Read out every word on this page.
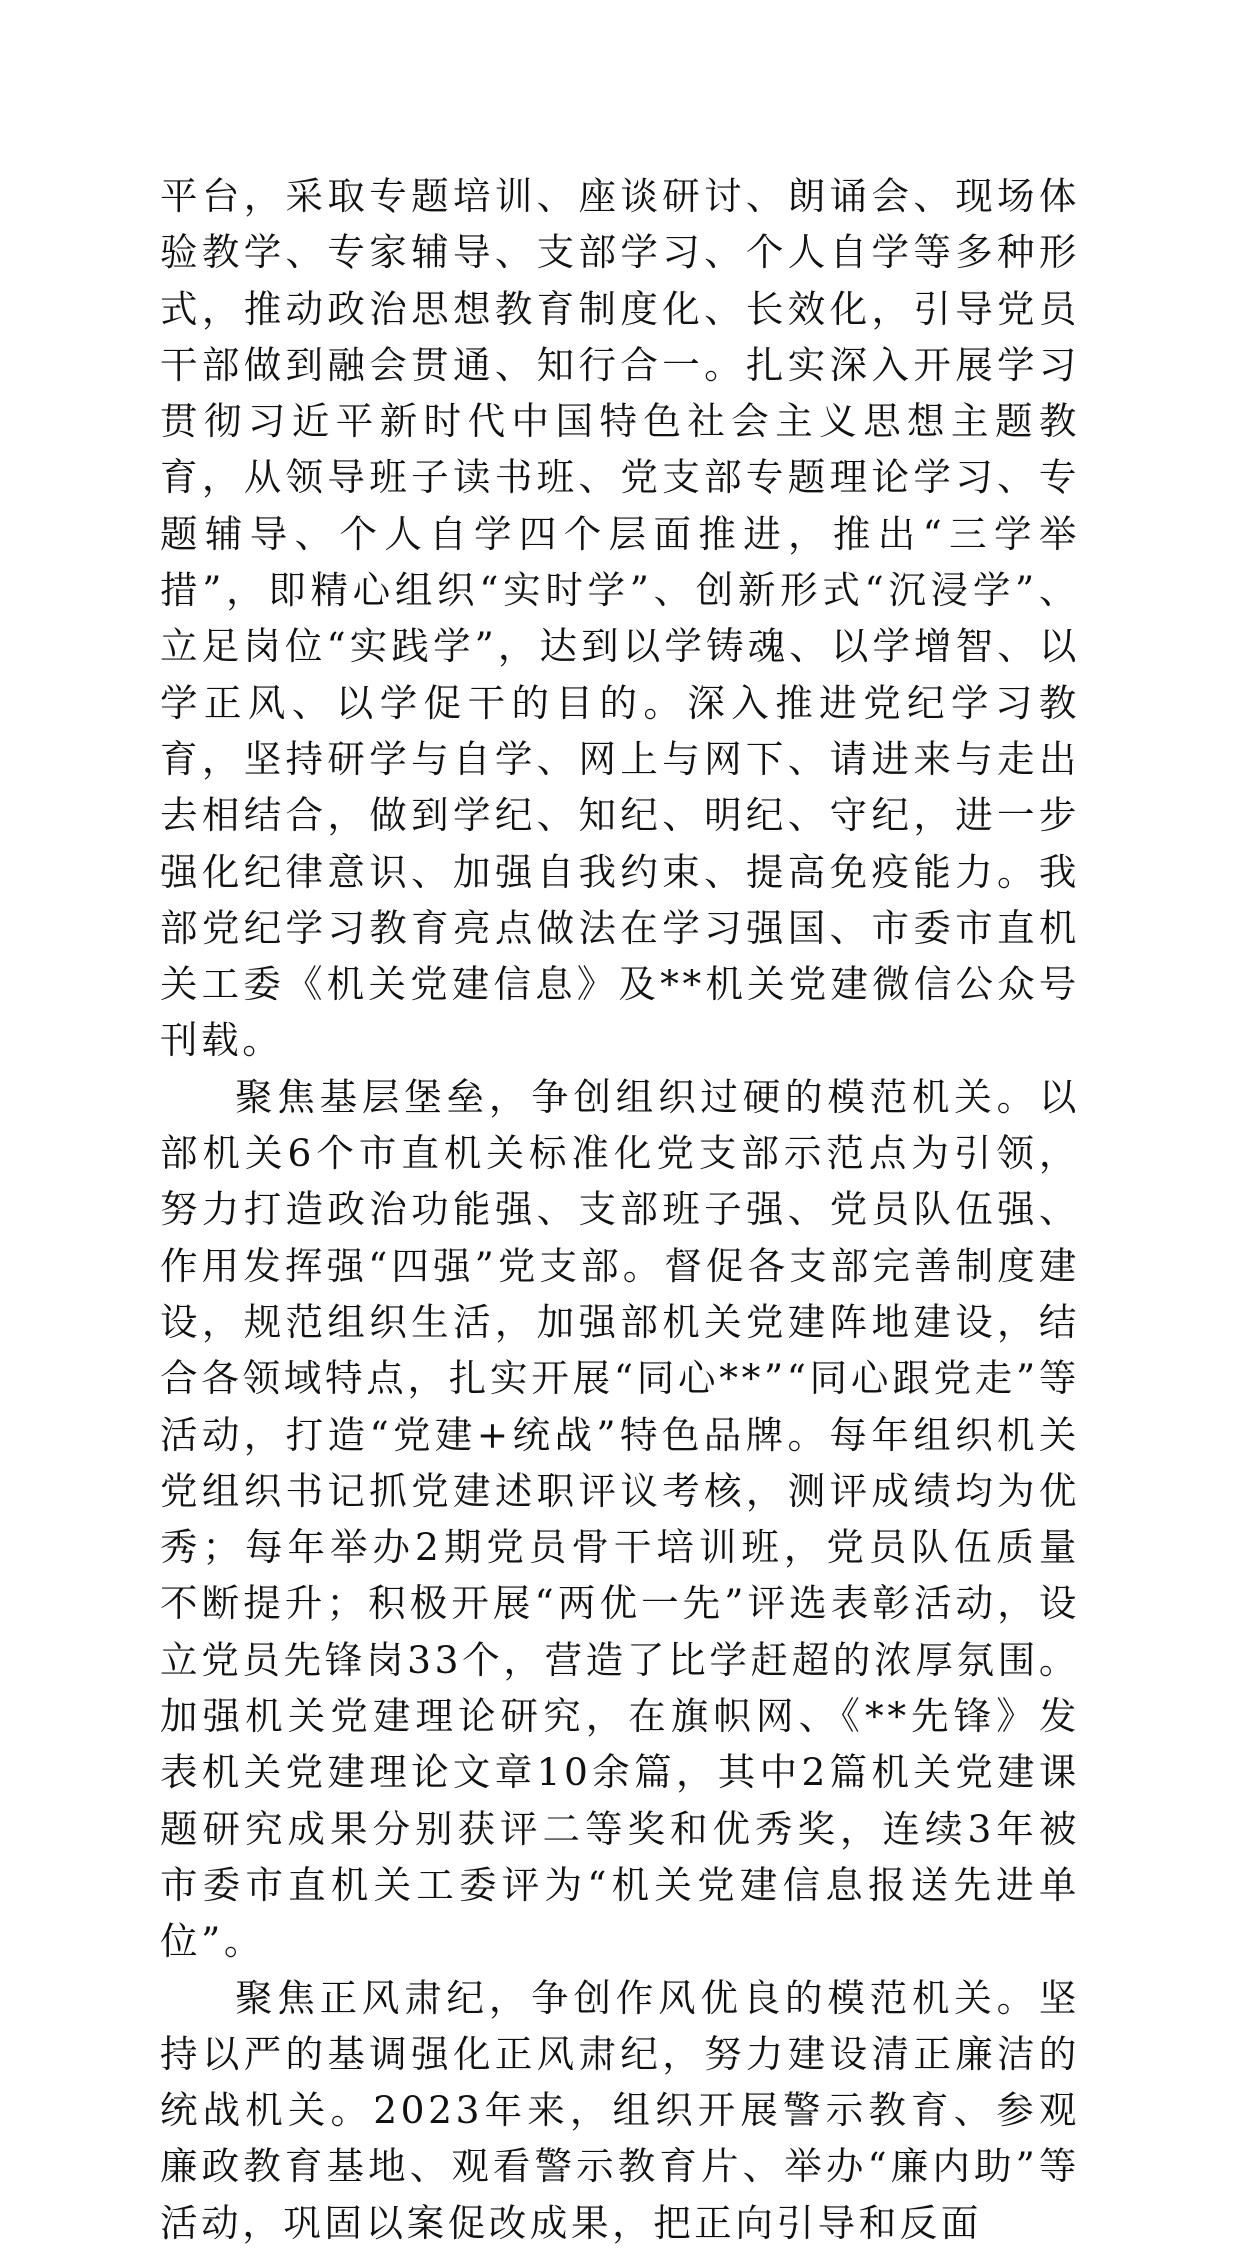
平台，采取专题培训、座谈研讨、朗诵会、现场体验教学、专家辅导、支部学习、个人自学等多种形式，推动政治思想教育制度化、长效化，引导党员干部做到融会贯通、知行合一。扎实深入开展学习贯彻习近平新时代中国特色社会主义思想主题教育，从领导班子读书班、党支部专题理论学习、专题辅导、个人自学四个层面推进，推出“三学举措”，即精心组织“实时学”、创新形式“沉浸学”、立足岗位“实践学”，达到以学铸魂、以学增智、以学正风、以学促干的目的。深入推进党纪学习教育，坚持研学与自学、网上与网下、请进来与走出去相结合，做到学纪、知纪、明纪、守纪，进一步强化纪律意识、加强自我约束、提高免疫能力。我部党纪学习教育亮点做法在学习强国、市委市直机关工委《机关党建信息》及**机关党建微信公众号刊载。

聚焦基层堡垒，争创组织过硬的模范机关。以部机关6个市直机关标准化党支部示范点为引领，努力打造政治功能强、支部班子强、党员队伍强、作用发挥强“四强”党支部。督促各支部完善制度建设，规范组织生活，加强部机关党建阵地建设，结合各领域特点，扎实开展“同心**”“同心跟党走”等活动，打造“党建+统战”特色品牌。每年组织机关党组织书记抓党建述职评议考核，测评成绩均为优秀；每年举办2期党员骨干培训班，党员队伍质量不断提升；积极开展“两优一先”评选表彰活动，设立党员先锋岗33个，营造了比学赶超的浓厚氛围。加强机关党建理论研究，在旗帜网、《**先锋》发表机关党建理论文章10余篇，其中2篇机关党建课题研究成果分别获评二等奖和优秀奖，连续3年被市委市直机关工委评为“机关党建信息报送先进单位”。

聚焦正风肃纪，争创作风优良的模范机关。坚持以严的基调强化正风肃纪，努力建设清正廉洁的统战机关。2023年来，组织开展警示教育、参观廉政教育基地、观看警示教育片、举办“廉内助”等活动，巩固以案促改成果，把正向引导和反面
